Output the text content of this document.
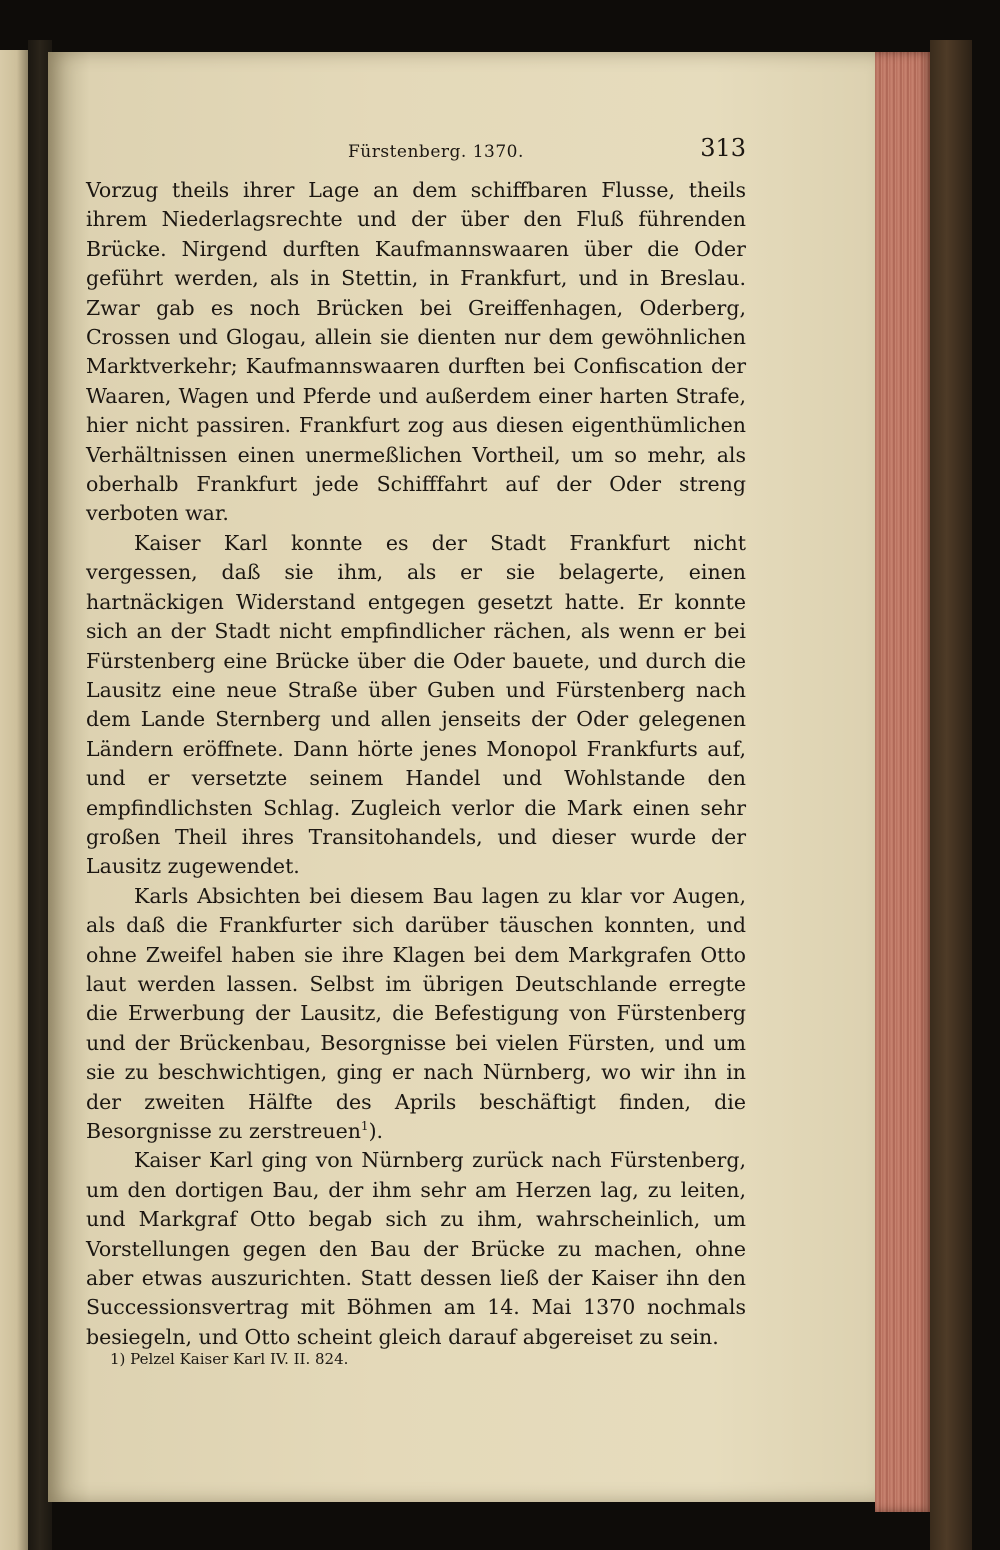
Fürstenberg. 1370.	313

Vorzug theils ihrer Lage an dem schiffbaren Flusse, theils ihrem Niederlagsrechte und der über den Fluß führenden Brücke. Nirgend durften Kaufmannswaaren über die Oder geführt werden, als in Stettin, in Frankfurt, und in Breslau. Zwar gab es noch Brücken bei Greiffenhagen, Oderberg, Crossen und Glogau, allein sie dienten nur dem gewöhnlichen Marktverkehr; Kaufmannswaaren durften bei Confiscation der Waaren, Wagen und Pferde und außerdem einer harten Strafe, hier nicht passiren. Frankfurt zog aus diesen eigenthümlichen Verhältnissen einen unermeßlichen Vortheil, um so mehr, als oberhalb Frankfurt jede Schifffahrt auf der Oder streng verboten war.

Kaiser Karl konnte es der Stadt Frankfurt nicht vergessen, daß sie ihm, als er sie belagerte, einen hartnäckigen Widerstand entgegen gesetzt hatte. Er konnte sich an der Stadt nicht empfindlicher rächen, als wenn er bei Fürstenberg eine Brücke über die Oder bauete, und durch die Lausitz eine neue Straße über Guben und Fürstenberg nach dem Lande Sternberg und allen jenseits der Oder gelegenen Ländern eröffnete. Dann hörte jenes Monopol Frankfurts auf, und er versetzte seinem Handel und Wohlstande den empfindlichsten Schlag. Zugleich verlor die Mark einen sehr großen Theil ihres Transitohandels, und dieser wurde der Lausitz zugewendet.

Karls Absichten bei diesem Bau lagen zu klar vor Augen, als daß die Frankfurter sich darüber täuschen konnten, und ohne Zweifel haben sie ihre Klagen bei dem Markgrafen Otto laut werden lassen. Selbst im übrigen Deutschlande erregte die Erwerbung der Lausitz, die Befestigung von Fürstenberg und der Brückenbau, Besorgnisse bei vielen Fürsten, und um sie zu beschwichtigen, ging er nach Nürnberg, wo wir ihn in der zweiten Hälfte des Aprils beschäftigt finden, die Besorgnisse zu zerstreuen$^1$).

Kaiser Karl ging von Nürnberg zurück nach Fürstenberg, um den dortigen Bau, der ihm sehr am Herzen lag, zu leiten, und Markgraf Otto begab sich zu ihm, wahrscheinlich, um Vorstellungen gegen den Bau der Brücke zu machen, ohne aber etwas auszurichten. Statt dessen ließ der Kaiser ihn den Successionsvertrag mit Böhmen am 14. Mai 1370 nochmals besiegeln, und Otto scheint gleich darauf abgereiset zu sein.

1) Pelzel Kaiser Karl IV. II. 824.
